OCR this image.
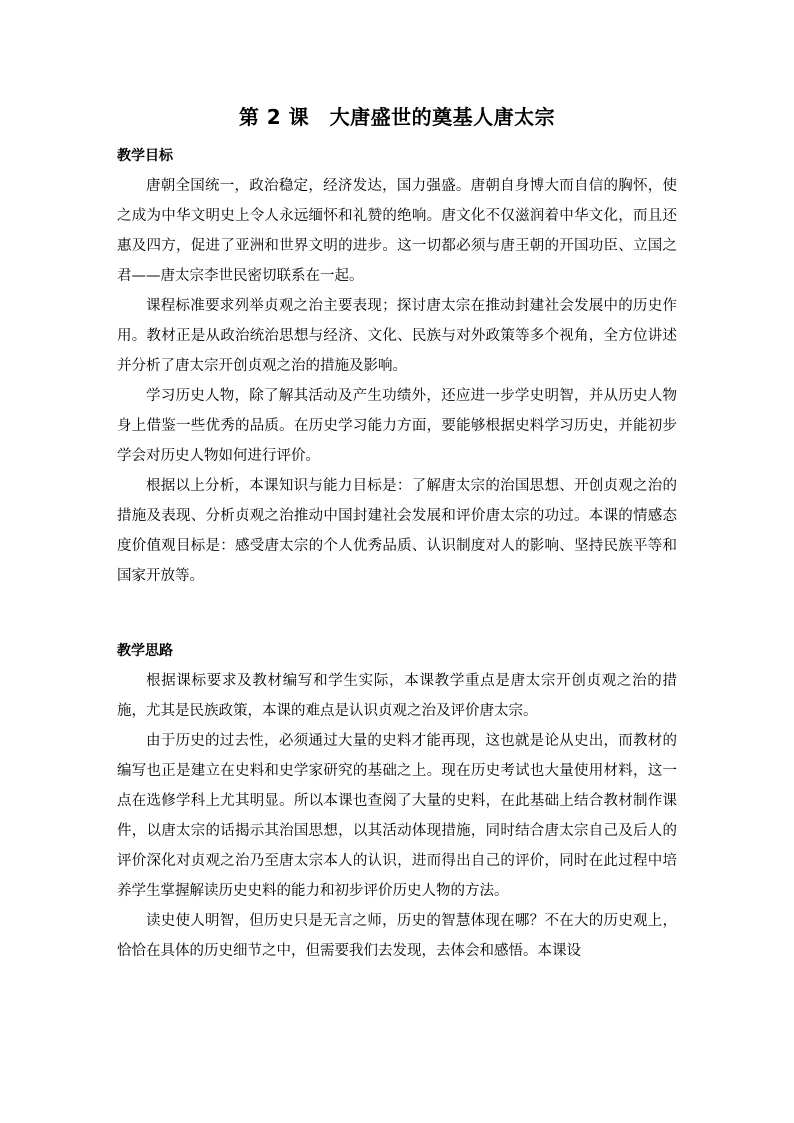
第 2 课　大唐盛世的奠基人唐太宗

教学目标

唐朝全国统一，政治稳定，经济发达，国力强盛。唐朝自身博大而自信的胸怀，使之成为中华文明史上令人永远缅怀和礼赞的绝响。唐文化不仅滋润着中华文化，而且还惠及四方，促进了亚洲和世界文明的进步。这一切都必须与唐王朝的开国功臣、立国之君——唐太宗李世民密切联系在一起。

课程标准要求列举贞观之治主要表现；探讨唐太宗在推动封建社会发展中的历史作用。教材正是从政治统治思想与经济、文化、民族与对外政策等多个视角，全方位讲述并分析了唐太宗开创贞观之治的措施及影响。

学习历史人物，除了解其活动及产生功绩外，还应进一步学史明智，并从历史人物身上借鉴一些优秀的品质。在历史学习能力方面，要能够根据史料学习历史，并能初步学会对历史人物如何进行评价。

根据以上分析，本课知识与能力目标是：了解唐太宗的治国思想、开创贞观之治的措施及表现、分析贞观之治推动中国封建社会发展和评价唐太宗的功过。本课的情感态度价值观目标是：感受唐太宗的个人优秀品质、认识制度对人的影响、坚持民族平等和国家开放等。

教学思路

根据课标要求及教材编写和学生实际，本课教学重点是唐太宗开创贞观之治的措施，尤其是民族政策，本课的难点是认识贞观之治及评价唐太宗。

由于历史的过去性，必须通过大量的史料才能再现，这也就是论从史出，而教材的编写也正是建立在史料和史学家研究的基础之上。现在历史考试也大量使用材料，这一点在选修学科上尤其明显。所以本课也查阅了大量的史料，在此基础上结合教材制作课件，以唐太宗的话揭示其治国思想，以其活动体现措施，同时结合唐太宗自己及后人的评价深化对贞观之治乃至唐太宗本人的认识，进而得出自己的评价，同时在此过程中培养学生掌握解读历史史料的能力和初步评价历史人物的方法。

读史使人明智，但历史只是无言之师，历史的智慧体现在哪？不在大的历史观上，恰恰在具体的历史细节之中，但需要我们去发现，去体会和感悟。本课设
